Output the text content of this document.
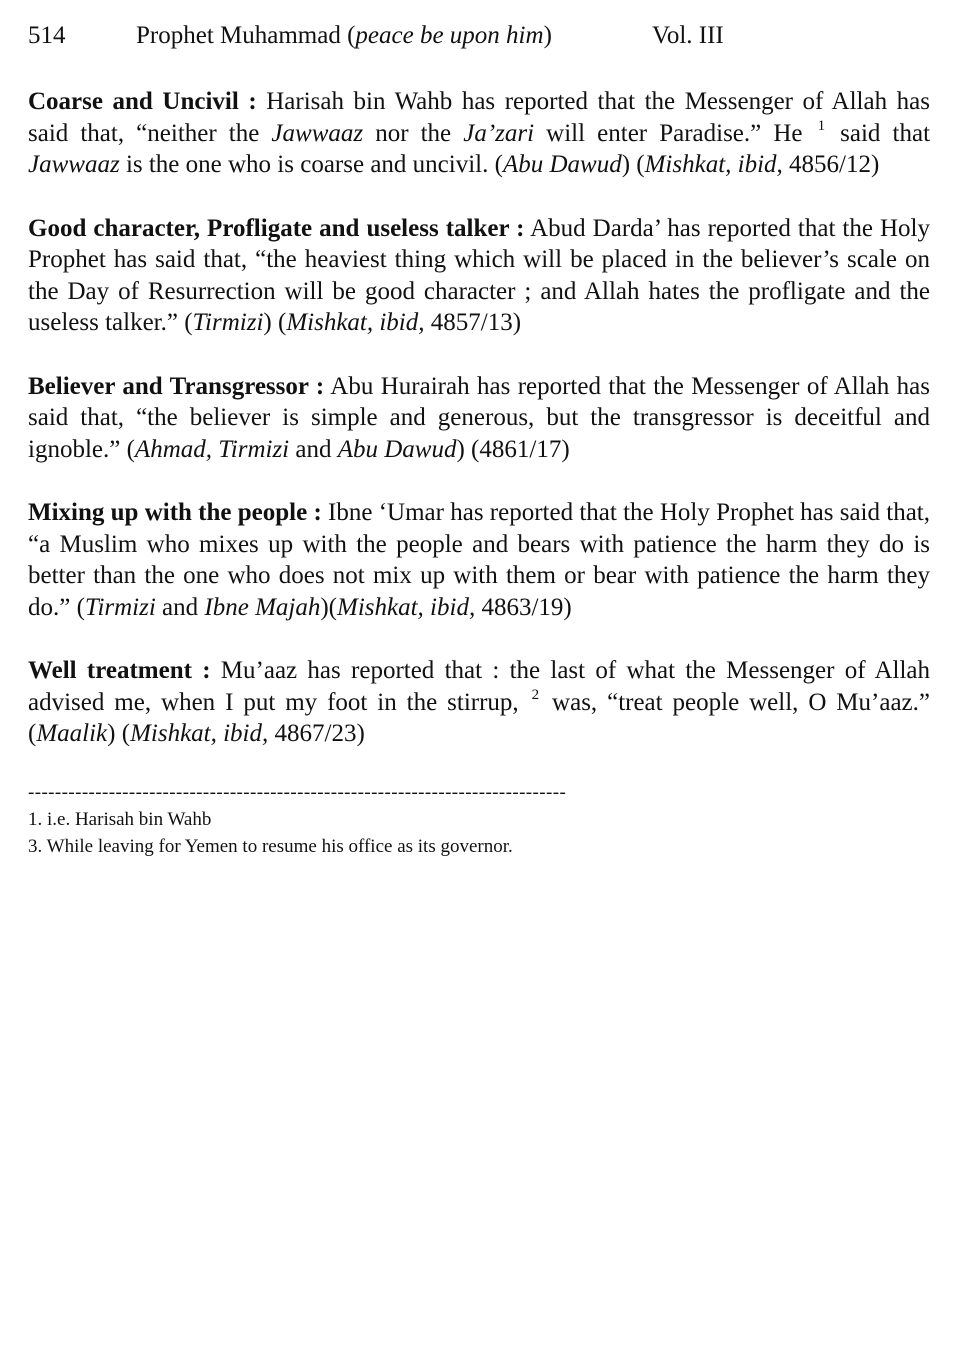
514	Prophet Muhammad (peace be upon him)	Vol. III

Coarse and Uncivil : Harisah bin Wahb has reported that the Messenger of Allah has said that, “neither the Jawwaaz nor the Ja’zari will enter Paradise.” He $^1$ said that Jawwaaz is the one who is coarse and uncivil. (Abu Dawud) (Mishkat, ibid, 4856/12)

Good character, Profligate and useless talker : Abud Darda’ has reported that the Holy Prophet has said that, “the heaviest thing which will be placed in the believer’s scale on the Day of Resurrection will be good character ; and Allah hates the profligate and the useless talker.” (Tirmizi) (Mishkat, ibid, 4857/13)

Believer and Transgressor : Abu Hurairah has reported that the Messenger of Allah has said that, “the believer is simple and generous, but the transgressor is deceitful and ignoble.” (Ahmad, Tirmizi and Abu Dawud) (4861/17)

Mixing up with the people : Ibne ‘Umar has reported that the Holy Prophet has said that, “a Muslim who mixes up with the people and bears with patience the harm they do is better than the one who does not mix up with them or bear with patience the harm they do.” (Tirmizi and Ibne Majah)(Mishkat, ibid, 4863/19)

Well treatment : Mu’aaz has reported that : the last of what the Messenger of Allah advised me, when I put my foot in the stirrup, $^2$ was, “treat people well, O Mu’aaz.” (Maalik) (Mishkat, ibid, 4867/23)

--------------------------------------------------------------------------------
1. i.e. Harisah bin Wahb
3. While leaving for Yemen to resume his office as its governor.
